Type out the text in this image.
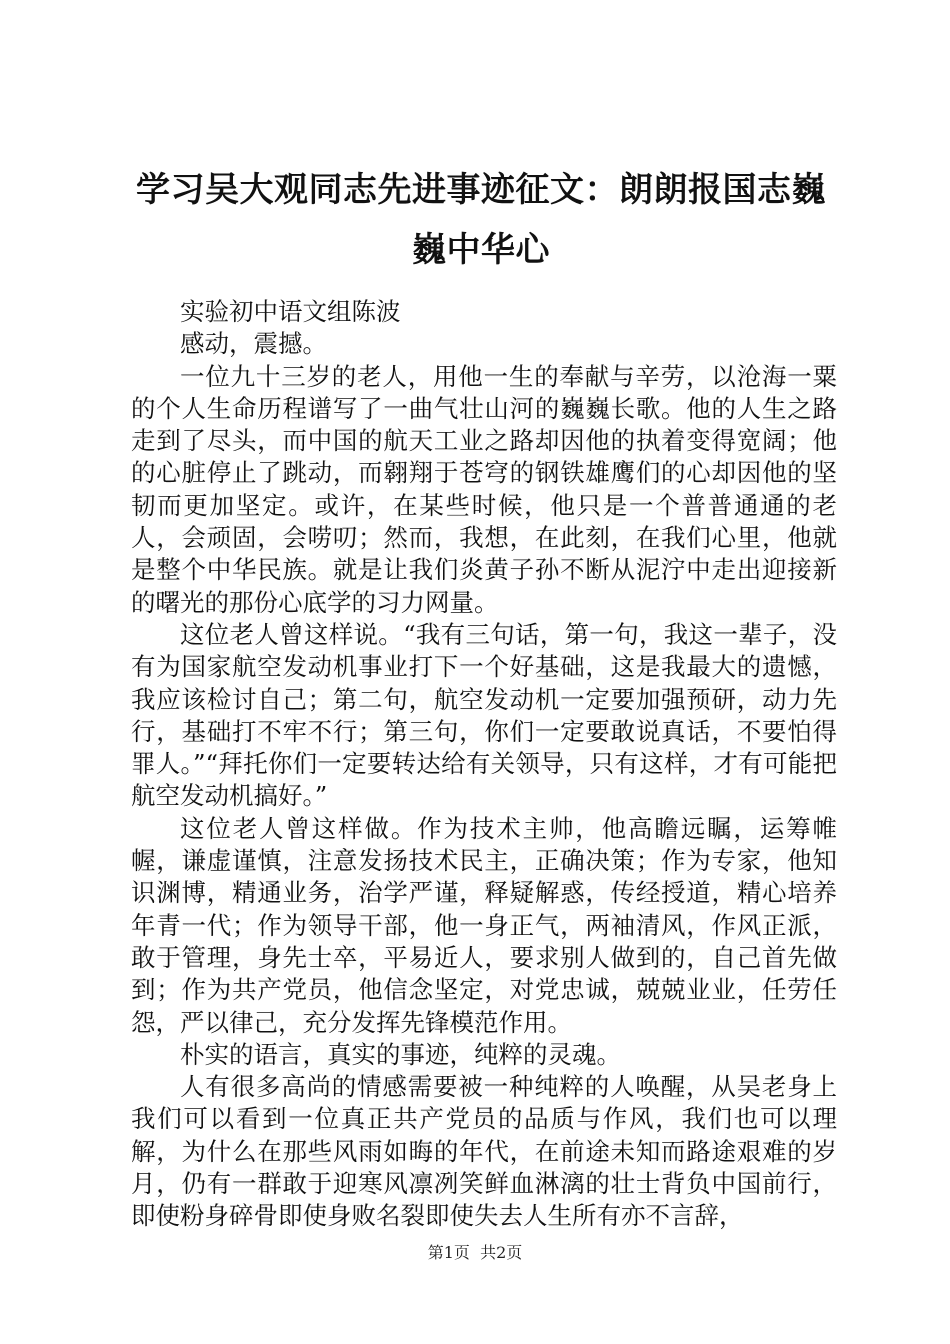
学习吴大观同志先进事迹征文：朗朗报国志巍巍中华心

实验初中语文组陈波

感动，震撼。

一位九十三岁的老人，用他一生的奉献与辛劳，以沧海一粟的个人生命历程谱写了一曲气壮山河的巍巍长歌。他的人生之路走到了尽头，而中国的航天工业之路却因他的执着变得宽阔；他的心脏停止了跳动，而翱翔于苍穹的钢铁雄鹰们的心却因他的坚韧而更加坚定。或许，在某些时候，他只是一个普普通通的老人，会顽固，会唠叨；然而，我想，在此刻，在我们心里，他就是整个中华民族。就是让我们炎黄子孙不断从泥泞中走出迎接新的曙光的那份心底学的习力网量。

这位老人曾这样说。“我有三句话，第一句，我这一辈子，没有为国家航空发动机事业打下一个好基础，这是我最大的遗憾，我应该检讨自己；第二句，航空发动机一定要加强预研，动力先行，基础打不牢不行；第三句，你们一定要敢说真话，不要怕得罪人。”“拜托你们一定要转达给有关领导，只有这样，才有可能把航空发动机搞好。”

这位老人曾这样做。作为技术主帅，他高瞻远瞩，运筹帷幄，谦虚谨慎，注意发扬技术民主，正确决策；作为专家，他知识渊博，精通业务，治学严谨，释疑解惑，传经授道，精心培养年青一代；作为领导干部，他一身正气，两袖清风，作风正派，敢于管理，身先士卒，平易近人，要求别人做到的，自己首先做到；作为共产党员，他信念坚定，对党忠诚，兢兢业业，任劳任怨，严以律己，充分发挥先锋模范作用。

朴实的语言，真实的事迹，纯粹的灵魂。

人有很多高尚的情感需要被一种纯粹的人唤醒，从吴老身上我们可以看到一位真正共产党员的品质与作风，我们也可以理解，为什么在那些风雨如晦的年代，在前途未知而路途艰难的岁月，仍有一群敢于迎寒风凛冽笑鲜血淋漓的壮士背负中国前行，即使粉身碎骨即使身败名裂即使失去人生所有亦不言辞，

第1页  共2页
